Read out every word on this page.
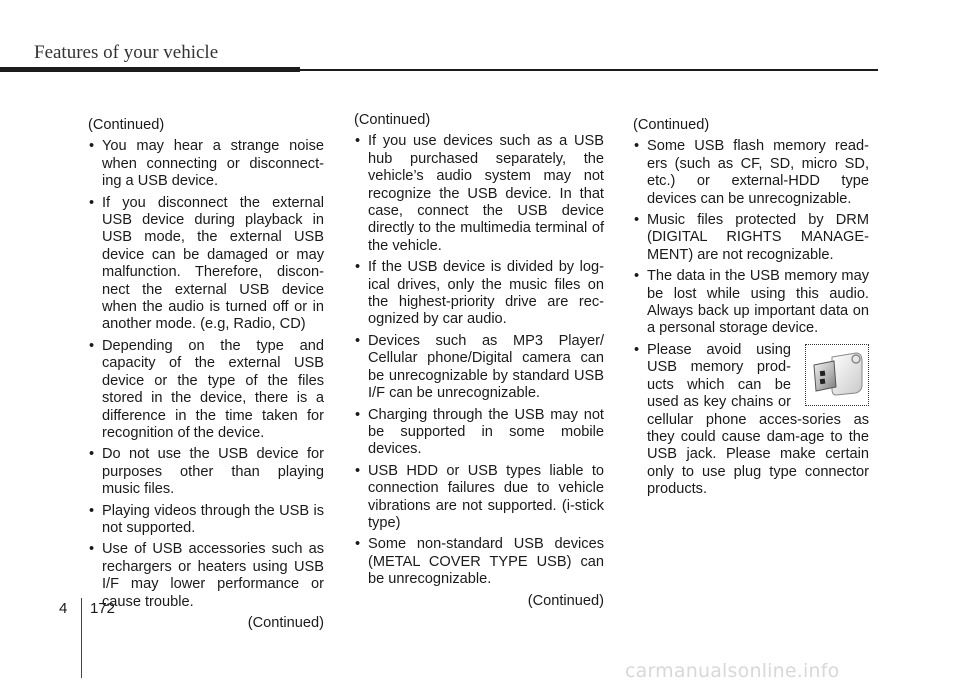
Features of your vehicle

(Continued)

• You may hear a strange noise when connecting or disconnect-ing a USB device.
• If you disconnect the external USB device during playback in USB mode, the external USB device can be damaged or may malfunction. Therefore, discon-nect the external USB device when the audio is turned off or in another mode. (e.g, Radio, CD)
• Depending on the type and capacity of the external USB device or the type of the files stored in the device, there is a difference in the time taken for recognition of the device.
• Do not use the USB device for purposes other than playing music files.
• Playing videos through the USB is not supported.
• Use of USB accessories such as rechargers or heaters using USB I/F may lower performance or cause trouble.

(Continued)

(Continued)

• If you use devices such as a USB hub purchased separately, the vehicle’s audio system may not recognize the USB device. In that case, connect the USB device directly to the multimedia terminal of the vehicle.
• If the USB device is divided by log-ical drives, only the music files on the highest-priority drive are rec-ognized by car audio.
• Devices such as MP3 Player/ Cellular phone/Digital camera can be unrecognizable by standard USB I/F can be unrecognizable.
• Charging through the USB may not be supported in some mobile devices.
• USB HDD or USB types liable to connection failures due to vehicle vibrations are not supported. (i-stick type)
• Some non-standard USB devices (METAL COVER TYPE USB) can be unrecognizable.

(Continued)

(Continued)

• Some USB flash memory read-ers (such as CF, SD, micro SD, etc.) or external-HDD type devices can be unrecognizable.
• Music files protected by DRM (DIGITAL RIGHTS MANAGE-MENT) are not recognizable.
• The data in the USB memory may be lost while using this audio. Always back up important data on a personal storage device.
• Please avoid using USB memory prod-ucts which can be used as key chains or cellular phone acces-sories as they could cause dam-age to the USB jack. Please make certain only to use plug type connector products.
4 172
carmanualsonline.info
